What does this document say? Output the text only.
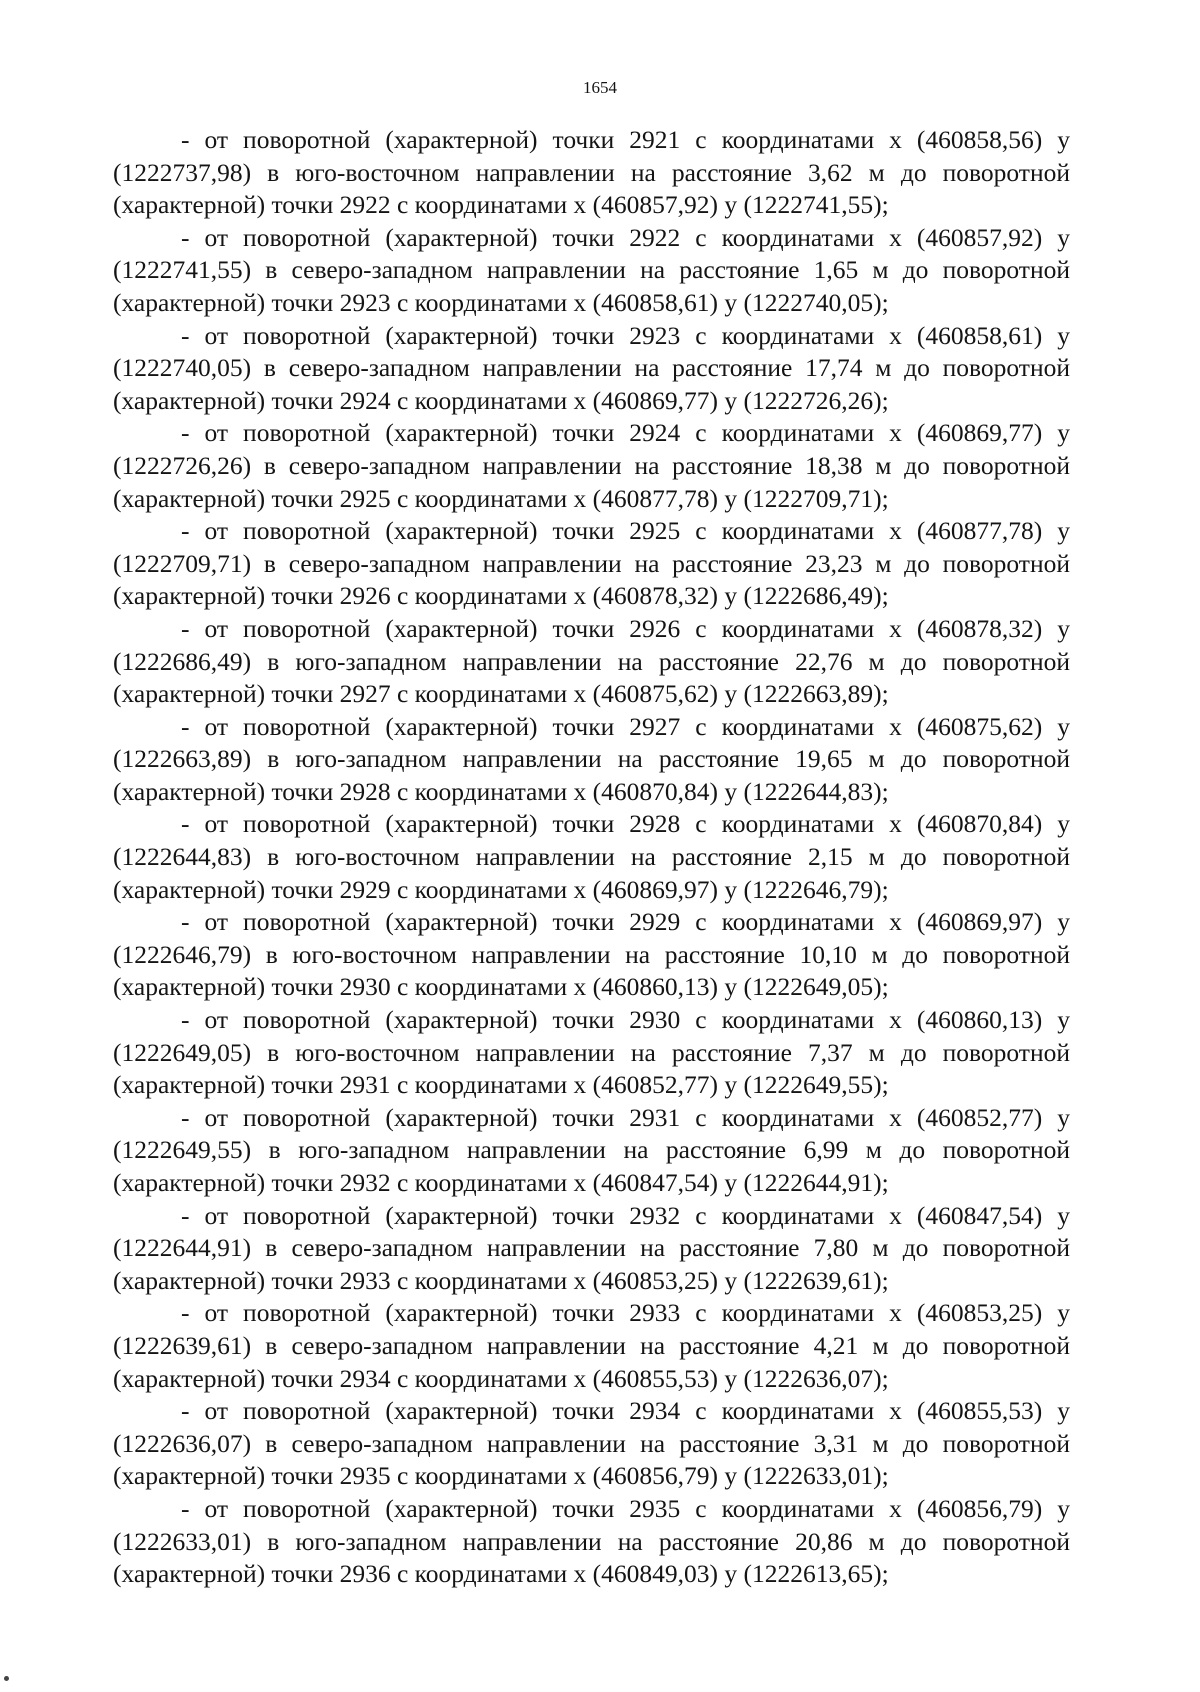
1654

- от поворотной (характерной) точки 2921 с координатами х (460858,56) у (1222737,98) в юго-восточном направлении на расстояние 3,62 м до поворотной (характерной) точки 2922 с координатами х (460857,92) у (1222741,55);

- от поворотной (характерной) точки 2922 с координатами х (460857,92) у (1222741,55) в северо-западном направлении на расстояние 1,65 м до поворотной (характерной) точки 2923 с координатами х (460858,61) у (1222740,05);

- от поворотной (характерной) точки 2923 с координатами х (460858,61) у (1222740,05) в северо-западном направлении на расстояние 17,74 м до поворотной (характерной) точки 2924 с координатами х (460869,77) у (1222726,26);

- от поворотной (характерной) точки 2924 с координатами х (460869,77) у (1222726,26) в северо-западном направлении на расстояние 18,38 м до поворотной (характерной) точки 2925 с координатами х (460877,78) у (1222709,71);

- от поворотной (характерной) точки 2925 с координатами х (460877,78) у (1222709,71) в северо-западном направлении на расстояние 23,23 м до поворотной (характерной) точки 2926 с координатами х (460878,32) у (1222686,49);

- от поворотной (характерной) точки 2926 с координатами х (460878,32) у (1222686,49) в юго-западном направлении на расстояние 22,76 м до поворотной (характерной) точки 2927 с координатами х (460875,62) у (1222663,89);

- от поворотной (характерной) точки 2927 с координатами х (460875,62) у (1222663,89) в юго-западном направлении на расстояние 19,65 м до поворотной (характерной) точки 2928 с координатами х (460870,84) у (1222644,83);

- от поворотной (характерной) точки 2928 с координатами х (460870,84) у (1222644,83) в юго-восточном направлении на расстояние 2,15 м до поворотной (характерной) точки 2929 с координатами х (460869,97) у (1222646,79);

- от поворотной (характерной) точки 2929 с координатами х (460869,97) у (1222646,79) в юго-восточном направлении на расстояние 10,10 м до поворотной (характерной) точки 2930 с координатами х (460860,13) у (1222649,05);

- от поворотной (характерной) точки 2930 с координатами х (460860,13) у (1222649,05) в юго-восточном направлении на расстояние 7,37 м до поворотной (характерной) точки 2931 с координатами х (460852,77) у (1222649,55);

- от поворотной (характерной) точки 2931 с координатами х (460852,77) у (1222649,55) в юго-западном направлении на расстояние 6,99 м до поворотной (характерной) точки 2932 с координатами х (460847,54) у (1222644,91);

- от поворотной (характерной) точки 2932 с координатами х (460847,54) у (1222644,91) в северо-западном направлении на расстояние 7,80 м до поворотной (характерной) точки 2933 с координатами х (460853,25) у (1222639,61);

- от поворотной (характерной) точки 2933 с координатами х (460853,25) у (1222639,61) в северо-западном направлении на расстояние 4,21 м до поворотной (характерной) точки 2934 с координатами х (460855,53) у (1222636,07);

- от поворотной (характерной) точки 2934 с координатами х (460855,53) у (1222636,07) в северо-западном направлении на расстояние 3,31 м до поворотной (характерной) точки 2935 с координатами х (460856,79) у (1222633,01);

- от поворотной (характерной) точки 2935 с координатами х (460856,79) у (1222633,01) в юго-западном направлении на расстояние 20,86 м до поворотной (характерной) точки 2936 с координатами х (460849,03) у (1222613,65);
